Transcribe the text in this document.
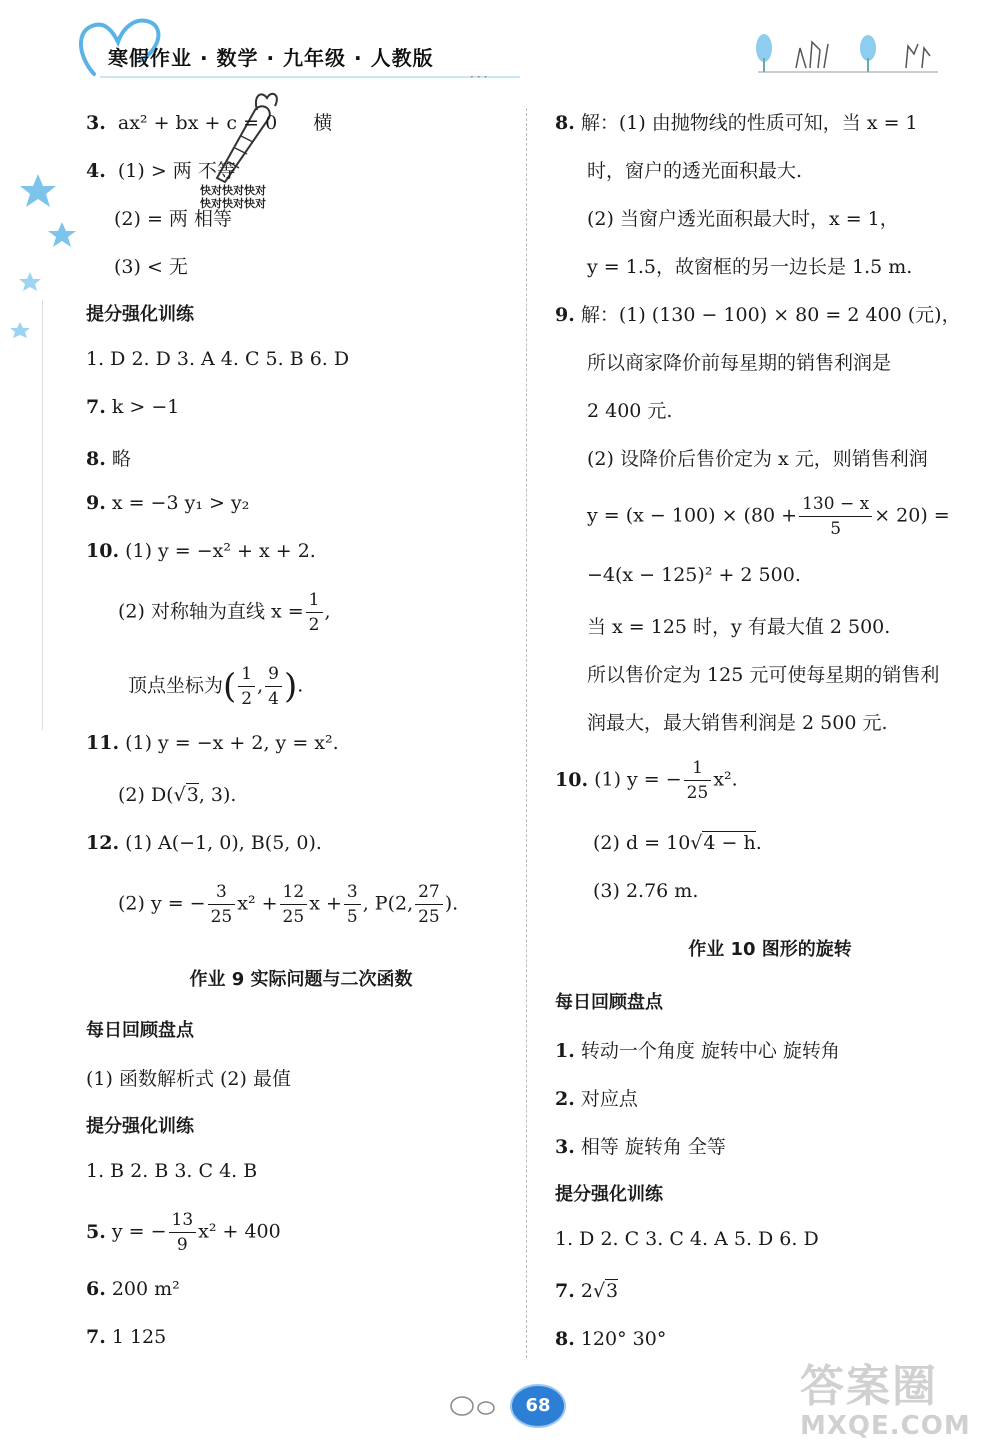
寒假作业 · 数学 · 九年级 · 人教版
···
快对快对快对
快对快对快对
3. ax² + bx + c = 0 横
4. (1) > 两 不等
(2) = 两 相等
(3) < 无
提分强化训练
1. D 2. D 3. A 4. C 5. B 6. D
7. k > −1
8. 略
9. x = −3 y₁ > y₂
10. (1) y = −x² + x + 2.
(2) 对称轴为直线 $x = \frac{1}{2}$ ,
顶点坐标为( $\frac{1}{2}$ , $\frac{9}{4}$ ).
11. (1) y = −x + 2, y = x².
(2) D(√3, 3).
12. (1) A(−1, 0), B(5, 0).
(2) y = − $\frac{3}{25} x^2 + \frac{12}{25}$ $x + \frac{3}{5}$ , P(2, $\frac{27}{25}$ ).
作业 9 实际问题与二次函数
每日回顾盘点
(1) 函数解析式 (2) 最值
提分强化训练
1. B 2. B 3. C 4. B
5. y = − $\frac{13}{9} x^2 + 400$
6. 200 m²
7. 1 125
8. 解：(1) 由抛物线的性质可知，当 x = 1
时，窗户的透光面积最大.
(2) 当窗户透光面积最大时，x = 1，
y = 1.5，故窗框的另一边长是 1.5 m.
9. 解：(1) (130 − 100) × 80 = 2 400 (元)，
所以商家降价前每星期的销售利润是
2 400 元.
(2) 设降价后售价定为 x 元，则销售利润
$y = (x - 100) \times (80 + \frac{130 - x}{5} \times 20)$ =
−4(x − 125)² + 2 500.
当 x = 125 时，y 有最大值 2 500.
所以售价定为 125 元可使每星期的销售利
润最大，最大销售利润是 2 500 元.
10. (1) y = − $\frac{1}{25} x^2$.
(2) d = 10√4 − h.
(3) 2.76 m.
作业 10 图形的旋转
每日回顾盘点
1. 转动一个角度 旋转中心 旋转角
2. 对应点
3. 相等 旋转角 全等
提分强化训练
1. D 2. C 3. C 4. A 5. D 6. D
7. 2√3
8. 120° 30°
68	答案圈
MXQE.COM
